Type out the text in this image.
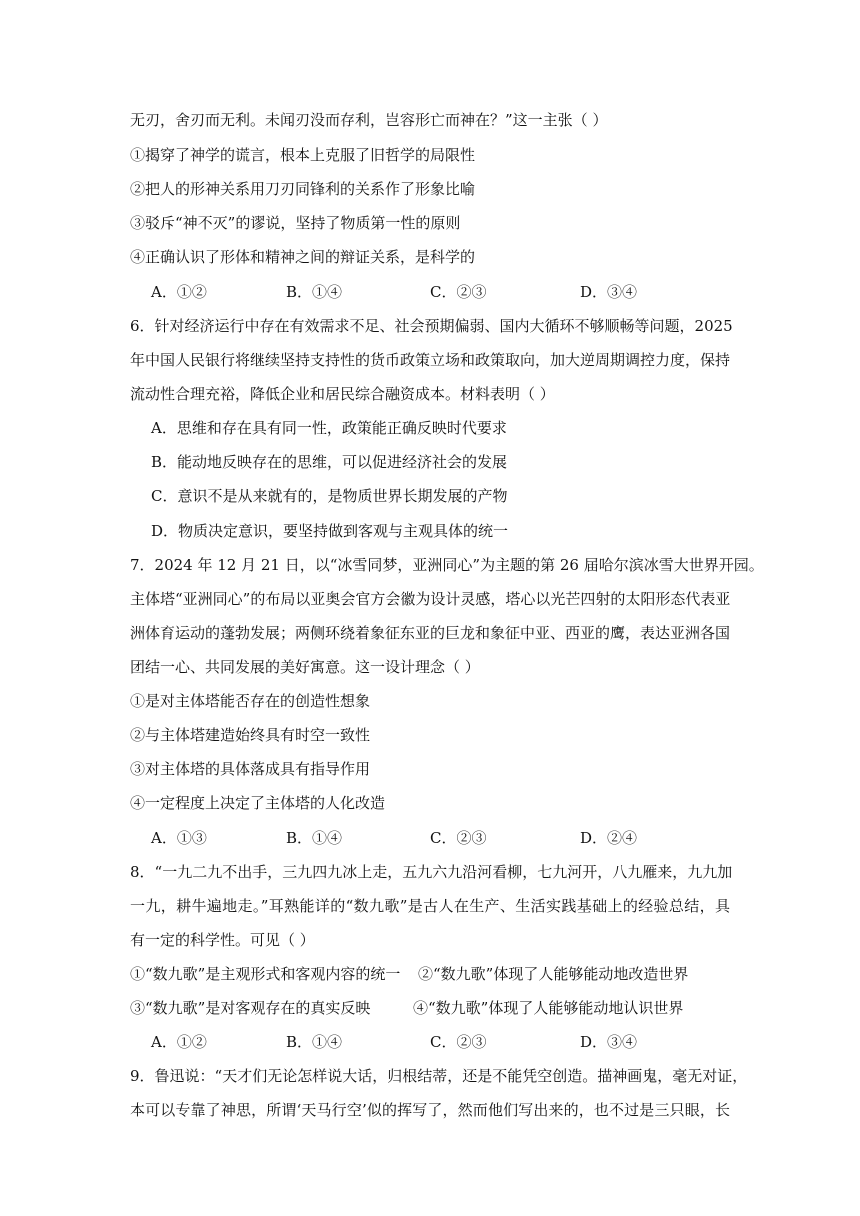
无刃，舍刃而无利。未闻刃没而存利，岂容形亡而神在？”这一主张（ ）
①揭穿了神学的谎言，根本上克服了旧哲学的局限性
②把人的形神关系用刀刃同锋利的关系作了形象比喻
③驳斥“神不灭”的谬说，坚持了物质第一性的原则
④正确认识了形体和精神之间的辩证关系，是科学的
A．①②	B．①④	C．②③	D．③④
6．针对经济运行中存在有效需求不足、社会预期偏弱、国内大循环不够顺畅等问题，2025
年中国人民银行将继续坚持支持性的货币政策立场和政策取向，加大逆周期调控力度，保持
流动性合理充裕，降低企业和居民综合融资成本。材料表明（ ）
A．思维和存在具有同一性，政策能正确反映时代要求
B．能动地反映存在的思维，可以促进经济社会的发展
C．意识不是从来就有的，是物质世界长期发展的产物
D．物质决定意识，要坚持做到客观与主观具体的统一
7．2024 年 12 月 21 日，以“冰雪同梦，亚洲同心”为主题的第 26 届哈尔滨冰雪大世界开园。
主体塔“亚洲同心”的布局以亚奥会官方会徽为设计灵感，塔心以光芒四射的太阳形态代表亚
洲体育运动的蓬勃发展；两侧环绕着象征东亚的巨龙和象征中亚、西亚的鹰，表达亚洲各国
团结一心、共同发展的美好寓意。这一设计理念（ ）
①是对主体塔能否存在的创造性想象
②与主体塔建造始终具有时空一致性
③对主体塔的具体落成具有指导作用
④一定程度上决定了主体塔的人化改造
A．①③	B．①④	C．②③	D．②④
8．“一九二九不出手，三九四九冰上走，五九六九沿河看柳，七九河开，八九雁来，九九加
一九，耕牛遍地走。”耳熟能详的“数九歌”是古人在生产、生活实践基础上的经验总结，具
有一定的科学性。可见（ ）
①“数九歌”是主观形式和客观内容的统一 ②“数九歌”体现了人能够能动地改造世界
③“数九歌”是对客观存在的真实反映	④“数九歌”体现了人能够能动地认识世界
A．①②	B．①④	C．②③	D．③④
9．鲁迅说：“天才们无论怎样说大话，归根结蒂，还是不能凭空创造。描神画鬼，毫无对证，
本可以专靠了神思，所谓‘天马行空’似的挥写了，然而他们写出来的，也不过是三只眼，长
